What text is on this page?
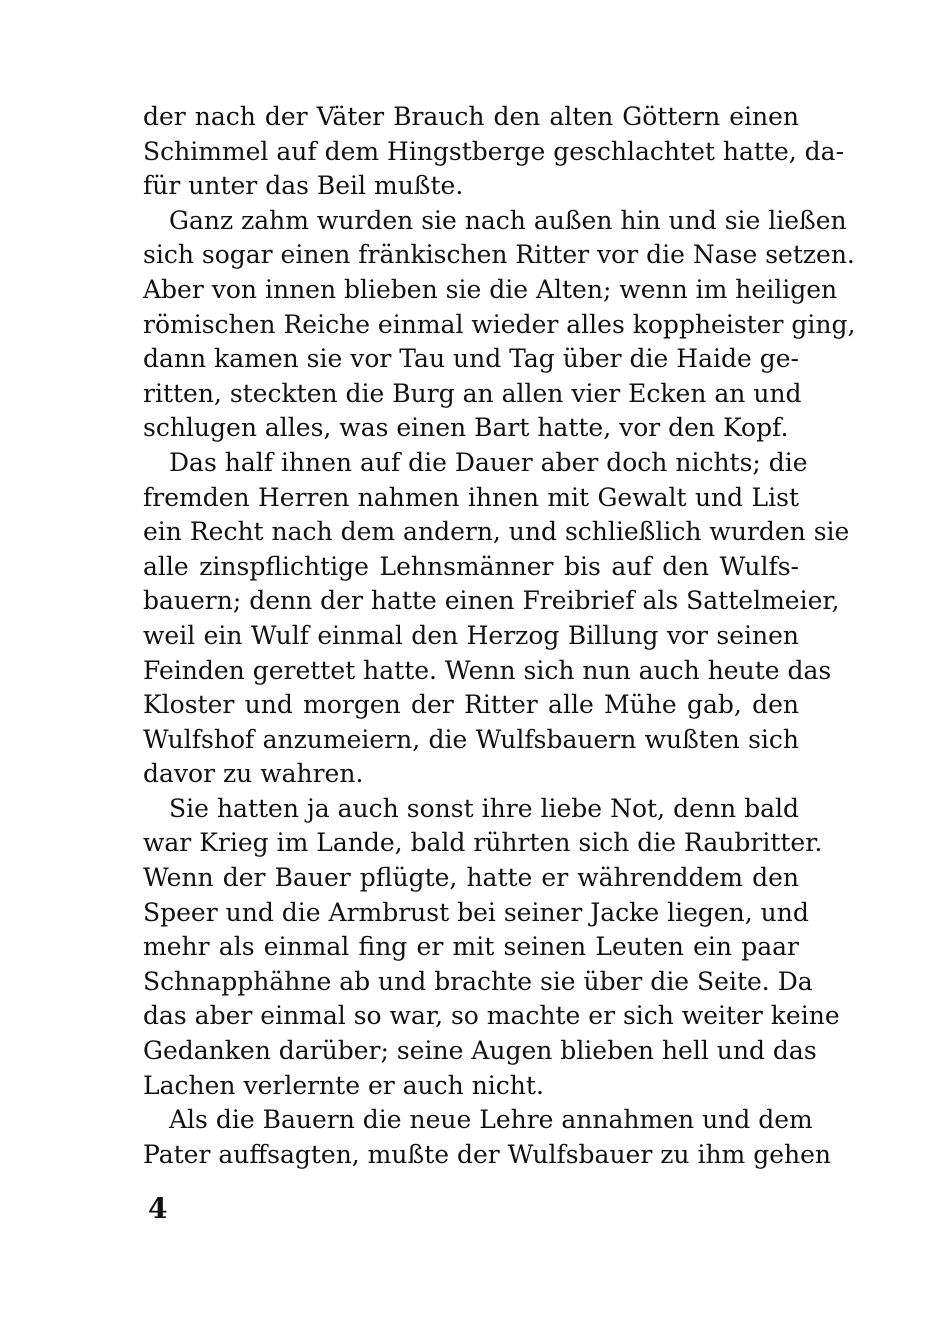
der nach der Väter Brauch den alten Göttern einen
Schimmel auf dem Hingstberge geschlachtet hatte, da-
für unter das Beil mußte.
Ganz zahm wurden sie nach außen hin und sie ließen
sich sogar einen fränkischen Ritter vor die Nase setzen.
Aber von innen blieben sie die Alten; wenn im heiligen
römischen Reiche einmal wieder alles koppheister ging,
dann kamen sie vor Tau und Tag über die Haide ge-
ritten, steckten die Burg an allen vier Ecken an und
schlugen alles, was einen Bart hatte, vor den Kopf.
Das half ihnen auf die Dauer aber doch nichts; die
fremden Herren nahmen ihnen mit Gewalt und List
ein Recht nach dem andern, und schließlich wurden sie
alle zinspflichtige Lehnsmänner bis auf den Wulfs-
bauern; denn der hatte einen Freibrief als Sattelmeier,
weil ein Wulf einmal den Herzog Billung vor seinen
Feinden gerettet hatte. Wenn sich nun auch heute das
Kloster und morgen der Ritter alle Mühe gab, den
Wulfshof anzumeiern, die Wulfsbauern wußten sich
davor zu wahren.
Sie hatten ja auch sonst ihre liebe Not, denn bald
war Krieg im Lande, bald rührten sich die Raubritter.
Wenn der Bauer pflügte, hatte er währenddem den
Speer und die Armbrust bei seiner Jacke liegen, und
mehr als einmal fing er mit seinen Leuten ein paar
Schnapphähne ab und brachte sie über die Seite. Da
das aber einmal so war, so machte er sich weiter keine
Gedanken darüber; seine Augen blieben hell und das
Lachen verlernte er auch nicht.
Als die Bauern die neue Lehre annahmen und dem
Pater auffsagten, mußte der Wulfsbauer zu ihm gehen
4
